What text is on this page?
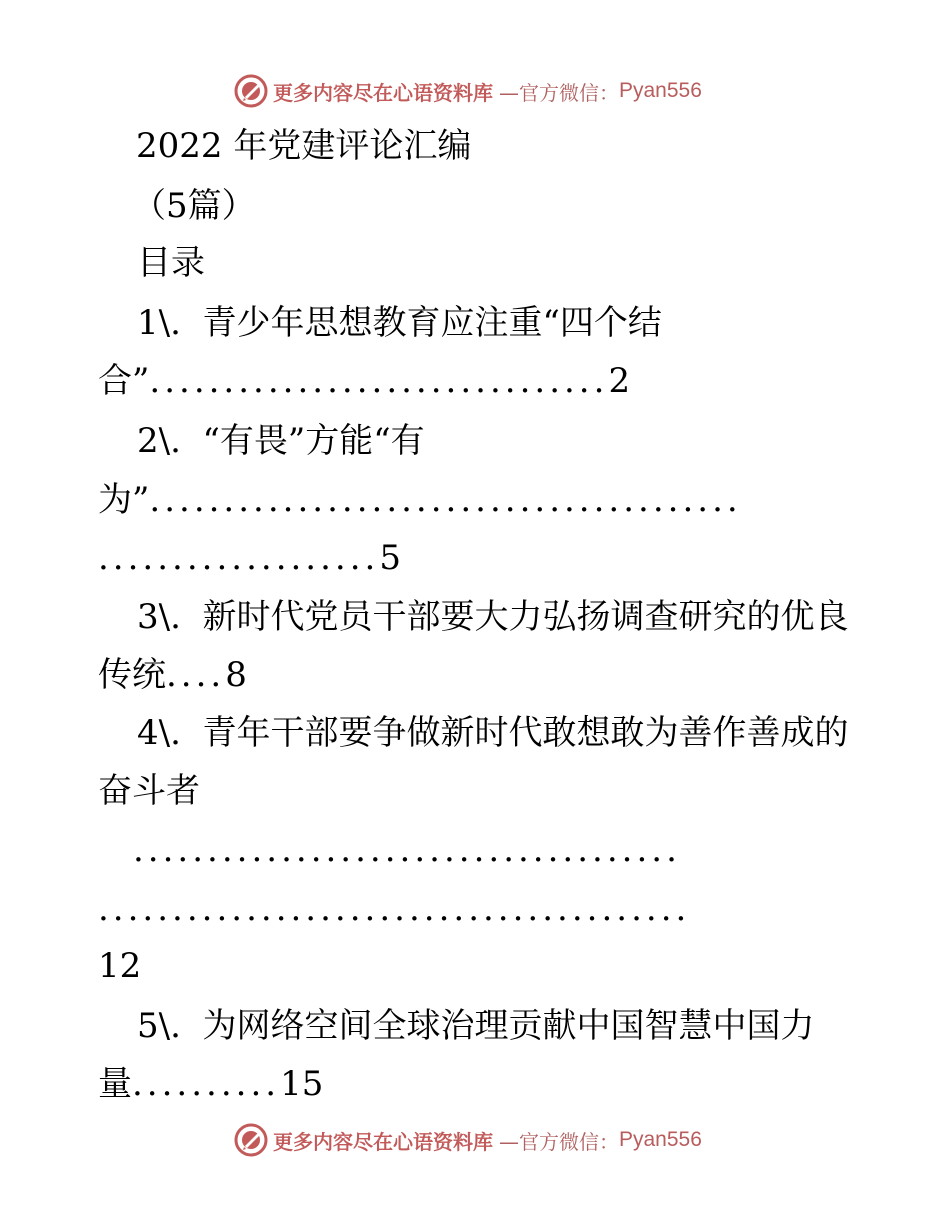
更多内容尽在心语资料库 —官方微信： Pyan556
2022 年党建评论汇编
（5篇）
目录
1\. 青少年思想教育应注重“四个结
合”...............................2
2\. “有畏”方能“有
为”........................................
...................5
3\. 新时代党员干部要大力弘扬调查研究的优良
传统....8
4\. 青年干部要争做新时代敢想敢为善作善成的
奋斗者
.....................................
........................................
12
5\. 为网络空间全球治理贡献中国智慧中国力
量..........15
更多内容尽在心语资料库 —官方微信： Pyan556
